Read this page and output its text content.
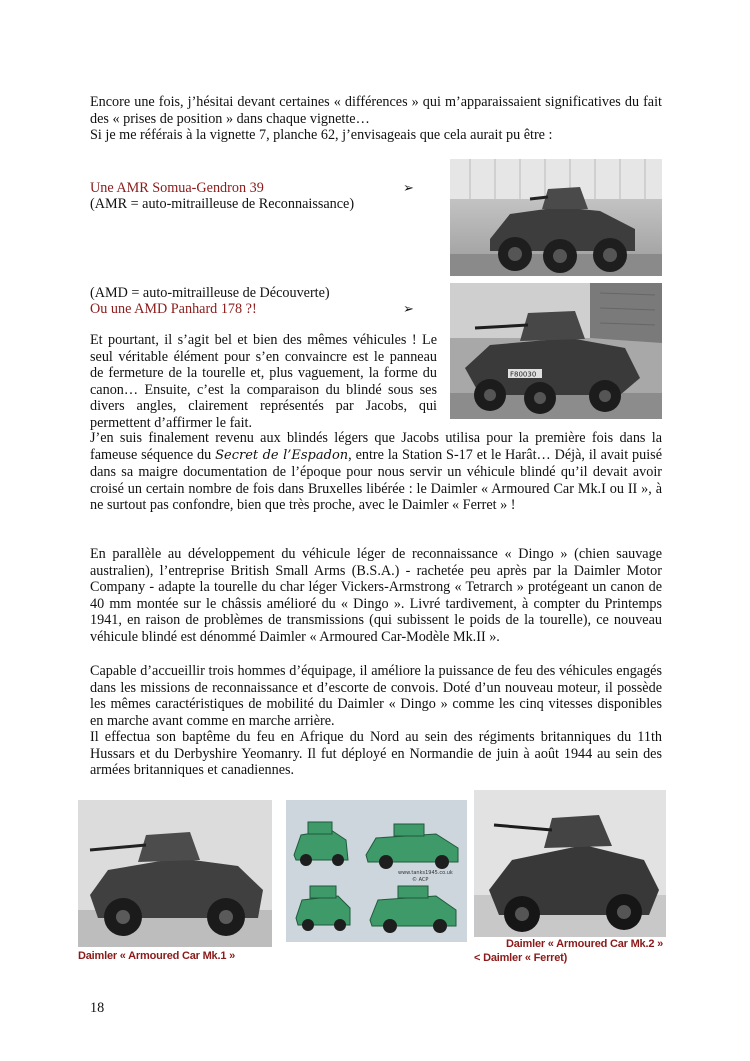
Encore une fois, j’hésitai devant certaines « différences » qui m’apparaissaient significatives du fait des « prises de position » dans chaque vignette…

Si je me référais à la vignette 7, planche 62, j’envisageais que cela aurait pu être :

Une AMR Somua-Gendron 39
(AMR = auto-mitrailleuse de Reconnaissance)
➢
(AMD = auto-mitrailleuse de Découverte)
Ou une AMD Panhard 178 ?!	➢
F80030
Et pourtant, il s’agit bel et bien des mêmes véhicules ! Le seul véritable élément pour s’en convaincre est le panneau de fermeture de la tourelle et, plus vaguement, la forme du canon… Ensuite, c’est la comparaison du blindé sous ses divers angles, clairement représentés par Jacobs, qui permettent d’affirmer le fait.
J’en suis finalement revenu aux blindés légers que Jacobs utilisa pour la première fois dans la fameuse séquence du Secret de l’Espadon, entre la Station S-17 et le Harât… Déjà, il avait puisé dans sa maigre documentation de l’époque pour nous servir un véhicule blindé qu’il devait avoir croisé un certain nombre de fois dans Bruxelles libérée : le Daimler « Armoured Car Mk.I ou II », à ne surtout pas confondre, bien que très proche, avec le Daimler « Ferret » !
En parallèle au développement du véhicule léger de reconnaissance « Dingo » (chien sauvage australien), l’entreprise British Small Arms (B.S.A.) - rachetée peu après par la Daimler Motor Company - adapte la tourelle du char léger Vickers-Armstrong « Tetrarch » protégeant un canon de 40 mm montée sur le châssis amélioré du « Dingo ». Livré tardivement, à compter du Printemps 1941, en raison de problèmes de transmissions (qui subissent le poids de la tourelle), ce nouveau véhicule blindé est dénommé Daimler « Armoured Car-Modèle Mk.II ».
Capable d’accueillir trois hommes d’équipage, il améliore la puissance de feu des véhicules engagés dans les missions de reconnaissance et d’escorte de convois. Doté d’un nouveau moteur, il possède les mêmes caractéristiques de mobilité du Daimler « Dingo » comme les cinq vitesses disponibles en marche avant comme en marche arrière.
Il effectua son baptême du feu en Afrique du Nord au sein des régiments britanniques du 11th Hussars et du Derbyshire Yeomanry. Il fut déployé en Normandie de juin à août 1944 au sein des armées britanniques et canadiennes.
Daimler « Armoured Car Mk.1 »
www.tanks1945.co.uk
© ACP
Daimler « Armoured Car Mk.2 »
< Daimler « Ferret)
18
